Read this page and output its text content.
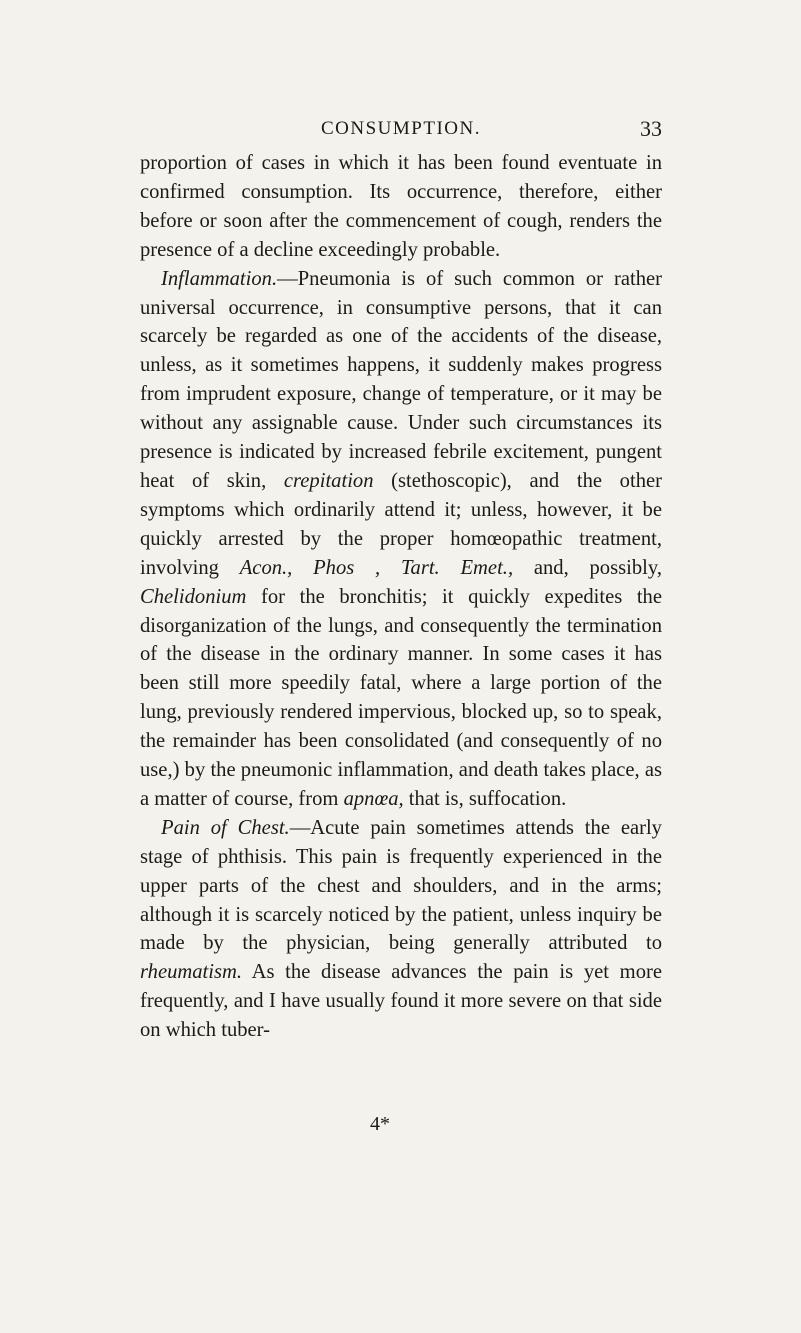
CONSUMPTION.	33

proportion of cases in which it has been found eventuate in confirmed consumption. Its occurrence, therefore, either before or soon after the commencement of cough, renders the presence of a decline exceedingly probable.

Inflammation.—Pneumonia is of such common or rather universal occurrence, in consumptive persons, that it can scarcely be regarded as one of the accidents of the disease, unless, as it sometimes happens, it suddenly makes progress from imprudent exposure, change of temperature, or it may be without any assignable cause. Under such circumstances its presence is indicated by increased febrile excitement, pungent heat of skin, crepitation (stethoscopic), and the other symptoms which ordinarily attend it; unless, however, it be quickly arrested by the proper homœopathic treatment, involving Acon., Phos , Tart. Emet., and, possibly, Chelidonium for the bronchitis; it quickly expedites the disorganization of the lungs, and consequently the termination of the disease in the ordinary manner. In some cases it has been still more speedily fatal, where a large portion of the lung, previously rendered impervious, blocked up, so to speak, the remainder has been consolidated (and consequently of no use,) by the pneumonic inflammation, and death takes place, as a matter of course, from apnœa, that is, suffocation.

Pain of Chest.—Acute pain sometimes attends the early stage of phthisis. This pain is frequently experienced in the upper parts of the chest and shoulders, and in the arms; although it is scarcely noticed by the patient, unless inquiry be made by the physician, being generally attributed to rheumatism. As the disease advances the pain is yet more frequently, and I have usually found it more severe on that side on which tuber-

4*
